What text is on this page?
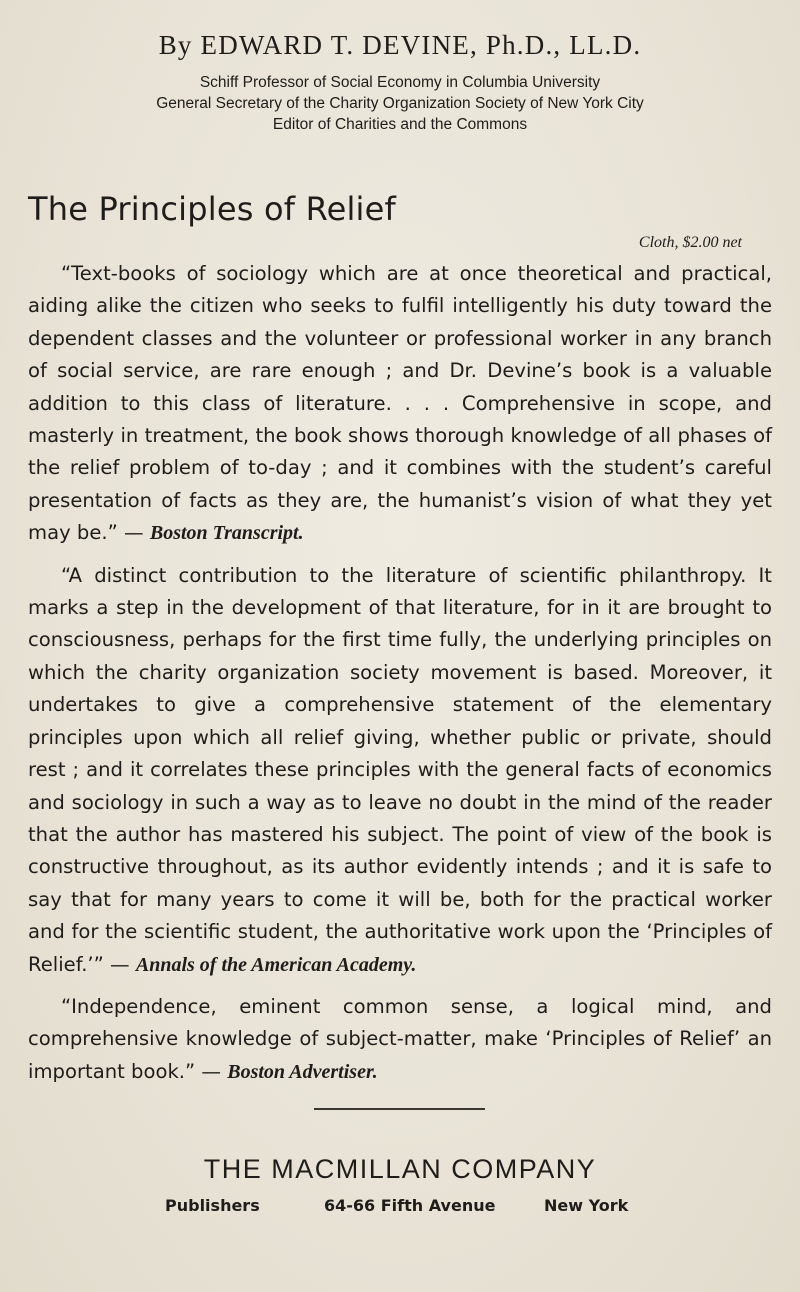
By EDWARD T. DEVINE, Ph.D., LL.D.
Schiff Professor of Social Economy in Columbia University
General Secretary of the Charity Organization Society of New York City
Editor of Charities and the Commons
The Principles of Relief
Cloth, $2.00 net

“Text-books of sociology which are at once theoretical and practical, aiding alike the citizen who seeks to fulfil intelligently his duty toward the dependent classes and the volunteer or professional worker in any branch of social service, are rare enough ; and Dr. Devine’s book is a valuable addition to this class of literature. . . . Comprehensive in scope, and masterly in treatment, the book shows thorough knowledge of all phases of the relief problem of to-day ; and it combines with the student’s careful presentation of facts as they are, the humanist’s vision of what they yet may be.” — Boston Transcript.

“A distinct contribution to the literature of scientific philanthropy. It marks a step in the development of that literature, for in it are brought to consciousness, perhaps for the first time fully, the underlying principles on which the charity organization society movement is based. Moreover, it undertakes to give a comprehensive statement of the elementary principles upon which all relief giving, whether public or private, should rest ; and it correlates these principles with the general facts of economics and sociology in such a way as to leave no doubt in the mind of the reader that the author has mastered his subject. The point of view of the book is constructive throughout, as its author evidently intends ; and it is safe to say that for many years to come it will be, both for the practical worker and for the scientific student, the authoritative work upon the ‘Principles of Relief.’” — Annals of the American Academy.

“Independence, eminent common sense, a logical mind, and comprehensive knowledge of subject-matter, make ‘Principles of Relief’ an important book.” — Boston Advertiser.

THE MACMILLAN COMPANY
Publishers	64-66 Fifth Avenue	New York
